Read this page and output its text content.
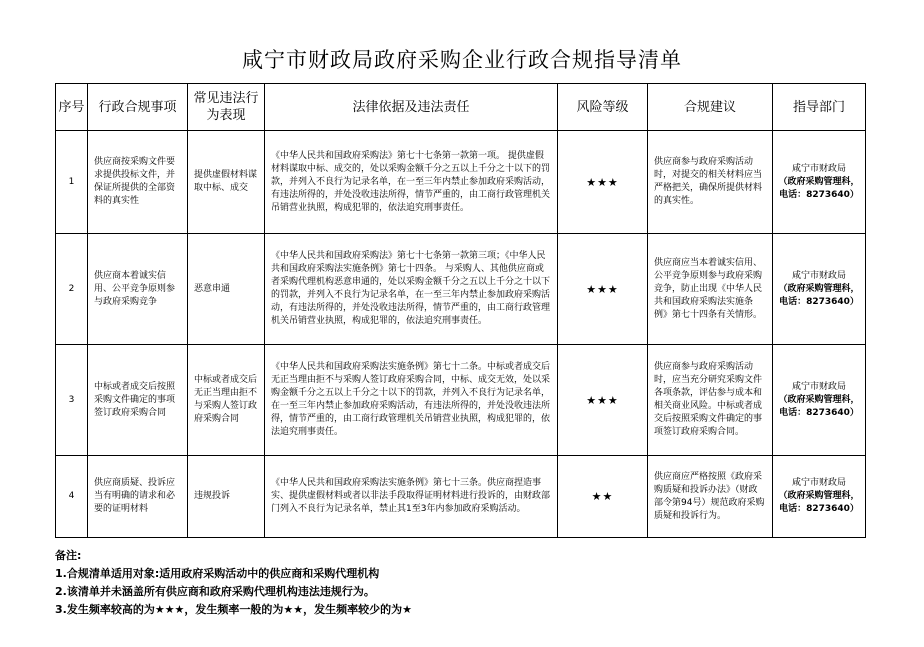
咸宁市财政局政府采购企业行政合规指导清单
序号	行政合规事项	常见违法行为表现	法律依据及违法责任	风险等级	合规建议	指导部门
1	供应商按采购文件要求提供投标文件，并保证所提供的全部资料的真实性	提供虚假材料谋取中标、成交	《中华人民共和国政府采购法》第七十七条第一款第一项。 提供虚假材料谋取中标、成交的，处以采购金额千分之五以上千分之十以下的罚款，并列入不良行为记录名单，在一至三年内禁止参加政府采购活动，有违法所得的，并处没收违法所得，情节严重的，由工商行政管理机关吊销营业执照，构成犯罪的，依法追究刑事责任。	★★★	供应商参与政府采购活动时，对提交的相关材料应当严格把关，确保所提供材料的真实性。	咸宁市财政局
（政府采购管理科，
电话：8273640）

2	供应商本着诚实信用、公平竞争原则参与政府采购竞争	恶意串通	《中华人民共和国政府采购法》第七十七条第一款第三项；《中华人民共和国政府采购法实施条例》第七十四条。 与采购人、其他供应商或者采购代理机构恶意串通的，处以采购金额千分之五以上千分之十以下的罚款，并列入不良行为记录名单，在一至三年内禁止参加政府采购活动，有违法所得的，并处没收违法所得，情节严重的，由工商行政管理机关吊销营业执照，构成犯罪的，依法追究刑事责任。	★★★	供应商应当本着诚实信用、公平竞争原则参与政府采购竞争，防止出现《中华人民共和国政府采购法实施条例》第七十四条有关情形。	咸宁市财政局
（政府采购管理科，
电话：8273640）

3	中标或者成交后按照采购文件确定的事项签订政府采购合同	中标或者成交后无正当理由拒不与采购人签订政府采购合同	《中华人民共和国政府采购法实施条例》第七十二条。中标或者成交后无正当理由拒不与采购人签订政府采购合同，中标、成交无效，处以采购金额千分之五以上千分之十以下的罚款，并列入不良行为记录名单，在一至三年内禁止参加政府采购活动，有违法所得的，并处没收违法所得，情节严重的，由工商行政管理机关吊销营业执照，构成犯罪的，依法追究刑事责任。	★★★	供应商参与政府采购活动时，应当充分研究采购文件各项条款，评估参与成本和相关商业风险。中标或者成交后按照采购文件确定的事项签订政府采购合同。	咸宁市财政局
（政府采购管理科，
电话：8273640）

4	供应商质疑、投诉应当有明确的请求和必要的证明材料	违规投诉	《中华人民共和国政府采购法实施条例》第七十三条。供应商捏造事实、提供虚假材料或者以非法手段取得证明材料进行投诉的，由财政部门列入不良行为记录名单，禁止其1至3年内参加政府采购活动。	★★	供应商应严格按照《政府采购质疑和投诉办法》（财政部令第94号）规范政府采购质疑和投诉行为。	咸宁市财政局
（政府采购管理科，
电话：8273640）
备注:
1.合规清单适用对象:适用政府采购活动中的供应商和采购代理机构
2.该清单并未涵盖所有供应商和政府采购代理机构违法违规行为。
3.发生频率较高的为★★★，发生频率一般的为★★，发生频率较少的为★
